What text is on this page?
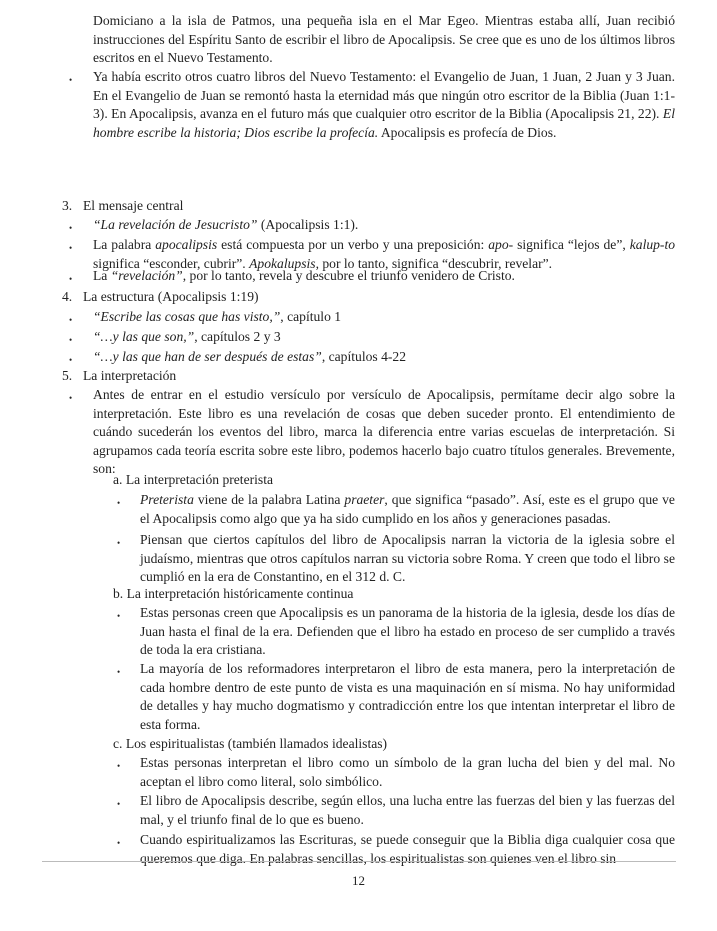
Domiciano a la isla de Patmos, una pequeña isla en el Mar Egeo. Mientras estaba allí, Juan recibió instrucciones del Espíritu Santo de escribir el libro de Apocalipsis. Se cree que es uno de los últimos libros escritos en el Nuevo Testamento.

• Ya había escrito otros cuatro libros del Nuevo Testamento: el Evangelio de Juan, 1 Juan, 2 Juan y 3 Juan. En el Evangelio de Juan se remontó hasta la eternidad más que ningún otro escritor de la Biblia (Juan 1:1-3). En Apocalipsis, avanza en el futuro más que cualquier otro escritor de la Biblia (Apocalipsis 21, 22). El hombre escribe la historia; Dios escribe la profecía. Apocalipsis es profecía de Dios.

3. El mensaje central
• “La revelación de Jesucristo” (Apocalipsis 1:1).

• La palabra apocalipsis está compuesta por un verbo y una preposición: apo- significa “lejos de”, kalup-to significa “esconder, cubrir”. Apokalupsis, por lo tanto, significa “descubrir, revelar”.

• La “revelación”, por lo tanto, revela y descubre el triunfo venidero de Cristo.

4. La estructura (Apocalipsis 1:19)
• “Escribe las cosas que has visto,”, capítulo 1

• “…y las que son,”, capítulos 2 y 3

• “…y las que han de ser después de estas”, capítulos 4-22

5. La interpretación
• Antes de entrar en el estudio versículo por versículo de Apocalipsis, permítame decir algo sobre la interpretación. Este libro es una revelación de cosas que deben suceder pronto. El entendimiento de cuándo sucederán los eventos del libro, marca la diferencia entre varias escuelas de interpretación. Si agrupamos cada teoría escrita sobre este libro, podemos hacerlo bajo cuatro títulos generales. Brevemente, son:

a. La interpretación preterista
• Preterista viene de la palabra Latina praeter, que significa “pasado”. Así, este es el grupo que ve el Apocalipsis como algo que ya ha sido cumplido en los años y generaciones pasadas.

• Piensan que ciertos capítulos del libro de Apocalipsis narran la victoria de la iglesia sobre el judaísmo, mientras que otros capítulos narran su victoria sobre Roma. Y creen que todo el libro se cumplió en la era de Constantino, en el 312 d. C.

b. La interpretación históricamente continua
• Estas personas creen que Apocalipsis es un panorama de la historia de la iglesia, desde los días de Juan hasta el final de la era. Defienden que el libro ha estado en proceso de ser cumplido a través de toda la era cristiana.

• La mayoría de los reformadores interpretaron el libro de esta manera, pero la interpretación de cada hombre dentro de este punto de vista es una maquinación en sí misma. No hay uniformidad de detalles y hay mucho dogmatismo y contradicción entre los que intentan interpretar el libro de esta forma.

c. Los espiritualistas (también llamados idealistas)
• Estas personas interpretan el libro como un símbolo de la gran lucha del bien y del mal. No aceptan el libro como literal, solo simbólico.

• El libro de Apocalipsis describe, según ellos, una lucha entre las fuerzas del bien y las fuerzas del mal, y el triunfo final de lo que es bueno.

• Cuando espiritualizamos las Escrituras, se puede conseguir que la Biblia diga cualquier cosa que queremos que diga. En palabras sencillas, los espiritualistas son quienes ven el libro sin

12
